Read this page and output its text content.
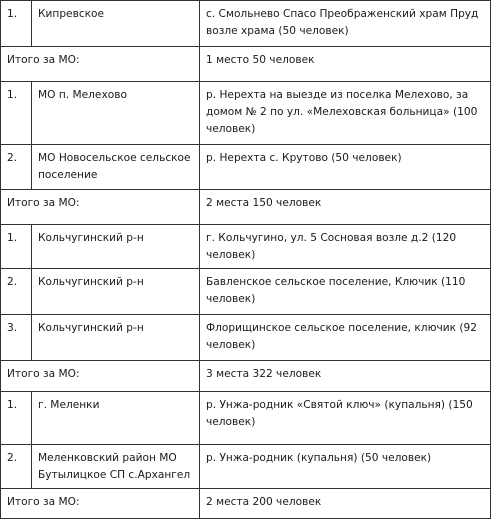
1.	Кипревское	с. Смольнево Спасо Преображенский храм Пруд возле храма (50 человек)
Итого за МО:		1 место 50 человек
1.	МО п. Мелехово	р. Нерехта на выезде из поселка Мелехово, за домом № 2 по ул. «Мелеховская больница» (100 человек)
2.	МО Новосельское сельское поселение	р. Нерехта с. Крутово (50 человек)
Итого за МО:		2 места 150 человек
1.	Кольчугинский р-н	г. Кольчугино, ул. 5 Сосновая возле д.2 (120 человек)
2.	Кольчугинский р-н	Бавленское сельское поселение, Ключик (110 человек)
3.	Кольчугинский р-н	Флорищинское сельское поселение, ключик (92 человек)
Итого за МО:		3 места 322 человек
1.	г. Меленки	р. Унжа-родник «Святой ключ» (купальня) (150 человек)
2.	Меленковский район МО Бутылицкое СП с.Архангел	р. Унжа-родник (купальня) (50 человек)
Итого за МО:		2 места 200 человек
